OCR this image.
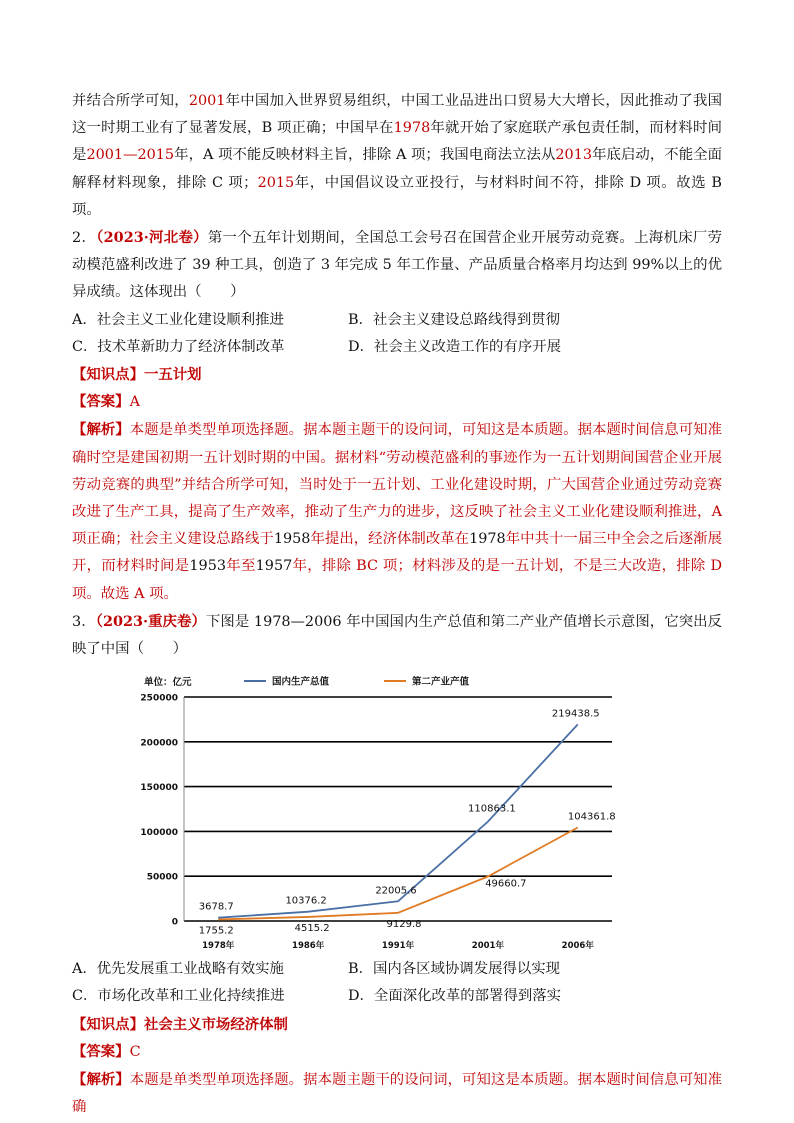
并结合所学可知，2001年中国加入世界贸易组织，中国工业品进出口贸易大大增长，因此推动了我国这一时期工业有了显著发展，B 项正确；中国早在1978年就开始了家庭联产承包责任制，而材料时间是2001—2015年，A 项不能反映材料主旨，排除 A 项；我国电商法立法从2013年底启动，不能全面解释材料现象，排除 C 项；2015年，中国倡议设立亚投行，与材料时间不符，排除 D 项。故选 B 项。

2．（2023·河北卷）第一个五年计划期间，全国总工会号召在国营企业开展劳动竞赛。上海机床厂劳动模范盛利改进了 39 种工具，创造了 3 年完成 5 年工作量、产品质量合格率月均达到 99%以上的优异成绩。这体现出（　　）

A．社会主义工业化建设顺利推进	B．社会主义建设总路线得到贯彻
C．技术革新助力了经济体制改革	D．社会主义改造工作的有序开展

【知识点】一五计划

【答案】A

【解析】本题是单类型单项选择题。据本题主题干的设问词，可知这是本质题。据本题时间信息可知准确时空是建国初期一五计划时期的中国。据材料“劳动模范盛利的事迹作为一五计划期间国营企业开展劳动竞赛的典型”并结合所学可知，当时处于一五计划、工业化建设时期，广大国营企业通过劳动竞赛改进了生产工具，提高了生产效率，推动了生产力的进步，这反映了社会主义工业化建设顺利推进，A 项正确；社会主义建设总路线于1958年提出，经济体制改革在1978年中共十一届三中全会之后逐渐展开，而材料时间是1953年至1957年，排除 BC 项；材料涉及的是一五计划，不是三大改造，排除 D 项。故选 A 项。

3．（2023·重庆卷）下图是 1978—2006 年中国国内生产总值和第二产业产值增长示意图，它突出反映了中国（　　）

0
50000
100000
150000
200000
250000
单位：亿元	国内生产总值	第二产业产值
1978年	1986年	1991年	2001年	2006年
3678.7
10376.2
22005.6
110863.1
219438.5
1755.2	4515.2	9129.8
49660.7
104361.8
A．优先发展重工业战略有效实施	B．国内各区域协调发展得以实现
C．市场化改革和工业化持续推进	D．全面深化改革的部署得到落实

【知识点】社会主义市场经济体制

【答案】C

【解析】本题是单类型单项选择题。据本题主题干的设问词，可知这是本质题。据本题时间信息可知准确
